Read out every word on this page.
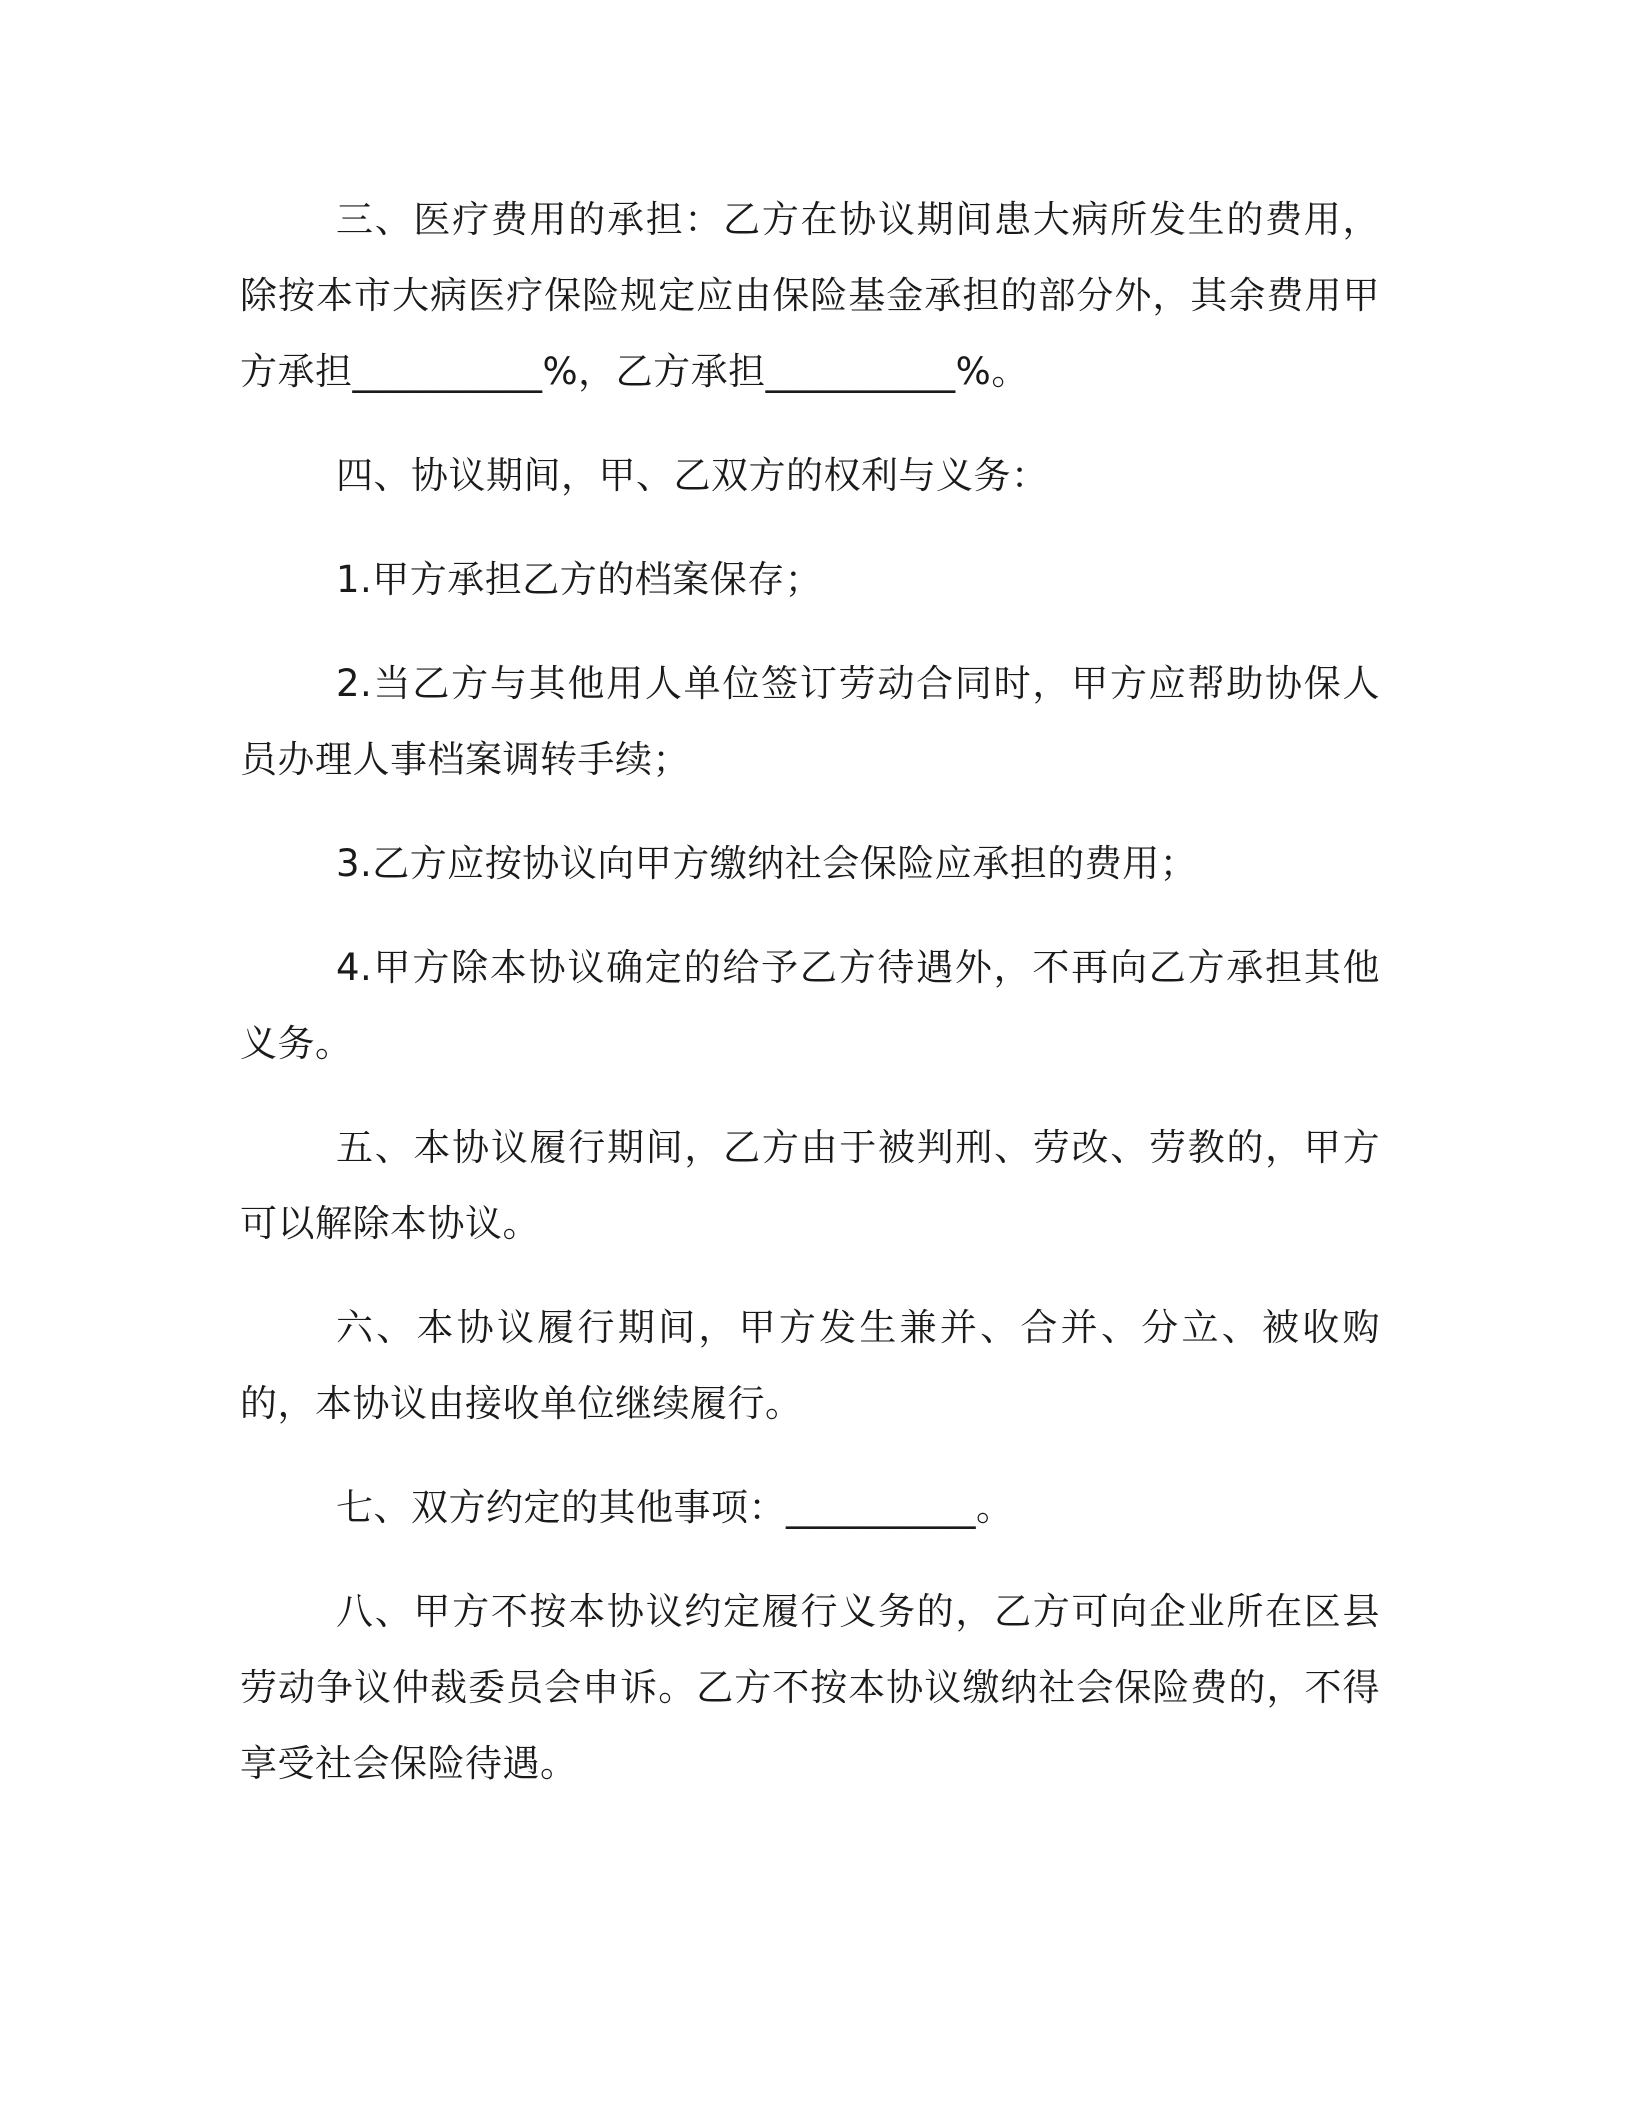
三、医疗费用的承担：乙方在协议期间患大病所发生的费用，除按本市大病医疗保险规定应由保险基金承担的部分外，其余费用甲方承担__________%，乙方承担__________%。

四、协议期间，甲、乙双方的权利与义务：

1.甲方承担乙方的档案保存；

2.当乙方与其他用人单位签订劳动合同时，甲方应帮助协保人员办理人事档案调转手续；

3.乙方应按协议向甲方缴纳社会保险应承担的费用；

4.甲方除本协议确定的给予乙方待遇外，不再向乙方承担其他义务。

五、本协议履行期间，乙方由于被判刑、劳改、劳教的，甲方可以解除本协议。

六、本协议履行期间，甲方发生兼并、合并、分立、被收购的，本协议由接收单位继续履行。

七、双方约定的其他事项：__________。

八、甲方不按本协议约定履行义务的，乙方可向企业所在区县劳动争议仲裁委员会申诉。乙方不按本协议缴纳社会保险费的，不得享受社会保险待遇。
